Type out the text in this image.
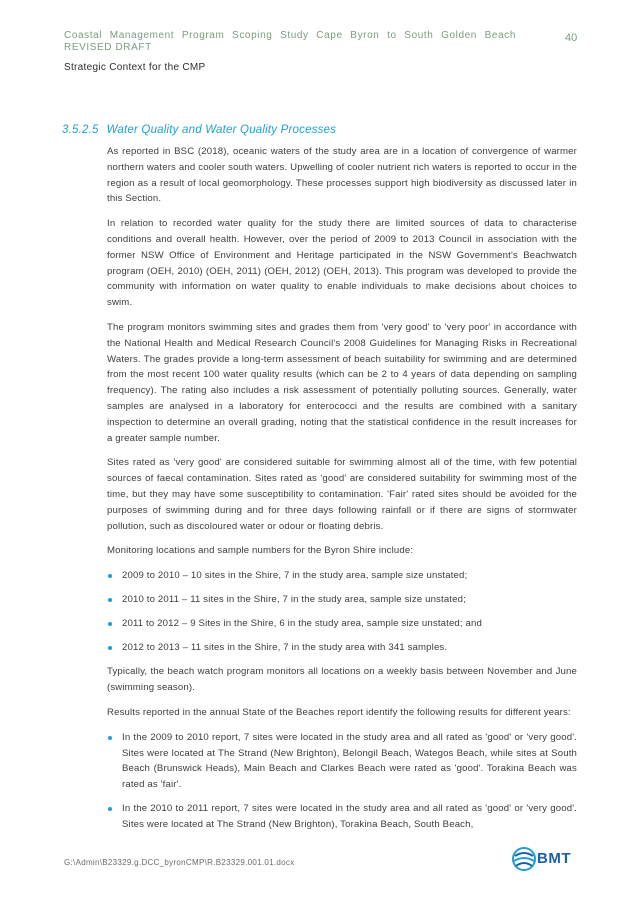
Coastal Management Program Scoping Study Cape Byron to South Golden Beach REVISED DRAFT
Strategic Context for the CMP
40
3.5.2.5 Water Quality and Water Quality Processes

As reported in BSC (2018), oceanic waters of the study area are in a location of convergence of warmer northern waters and cooler south waters. Upwelling of cooler nutrient rich waters is reported to occur in the region as a result of local geomorphology. These processes support high biodiversity as discussed later in this Section.

In relation to recorded water quality for the study there are limited sources of data to characterise conditions and overall health. However, over the period of 2009 to 2013 Council in association with the former NSW Office of Environment and Heritage participated in the NSW Government's Beachwatch program (OEH, 2010) (OEH, 2011) (OEH, 2012) (OEH, 2013). This program was developed to provide the community with information on water quality to enable individuals to make decisions about choices to swim.

The program monitors swimming sites and grades them from 'very good' to 'very poor' in accordance with the National Health and Medical Research Council's 2008 Guidelines for Managing Risks in Recreational Waters. The grades provide a long-term assessment of beach suitability for swimming and are determined from the most recent 100 water quality results (which can be 2 to 4 years of data depending on sampling frequency). The rating also includes a risk assessment of potentially polluting sources. Generally, water samples are analysed in a laboratory for enterococci and the results are combined with a sanitary inspection to determine an overall grading, noting that the statistical confidence in the result increases for a greater sample number.

Sites rated as 'very good' are considered suitable for swimming almost all of the time, with few potential sources of faecal contamination. Sites rated as 'good' are considered suitability for swimming most of the time, but they may have some susceptibility to contamination. 'Fair' rated sites should be avoided for the purposes of swimming during and for three days following rainfall or if there are signs of stormwater pollution, such as discoloured water or odour or floating debris.

Monitoring locations and sample numbers for the Byron Shire include:

2009 to 2010 – 10 sites in the Shire, 7 in the study area, sample size unstated;
2010 to 2011 – 11 sites in the Shire, 7 in the study area, sample size unstated;
2011 to 2012 – 9 Sites in the Shire, 6 in the study area, sample size unstated; and
2012 to 2013 – 11 sites in the Shire, 7 in the study area with 341 samples.

Typically, the beach watch program monitors all locations on a weekly basis between November and June (swimming season).

Results reported in the annual State of the Beaches report identify the following results for different years:

In the 2009 to 2010 report, 7 sites were located in the study area and all rated as 'good' or 'very good'. Sites were located at The Strand (New Brighton), Belongil Beach, Wategos Beach, while sites at South Beach (Brunswick Heads), Main Beach and Clarkes Beach were rated as 'good'. Torakina Beach was rated as 'fair'.
In the 2010 to 2011 report, 7 sites were located in the study area and all rated as 'good' or 'very good'. Sites were located at The Strand (New Brighton), Torakina Beach, South Beach,
G:\Admin\B23329.g.DCC_byronCMP\R.B23329.001.01.docx	BMT
